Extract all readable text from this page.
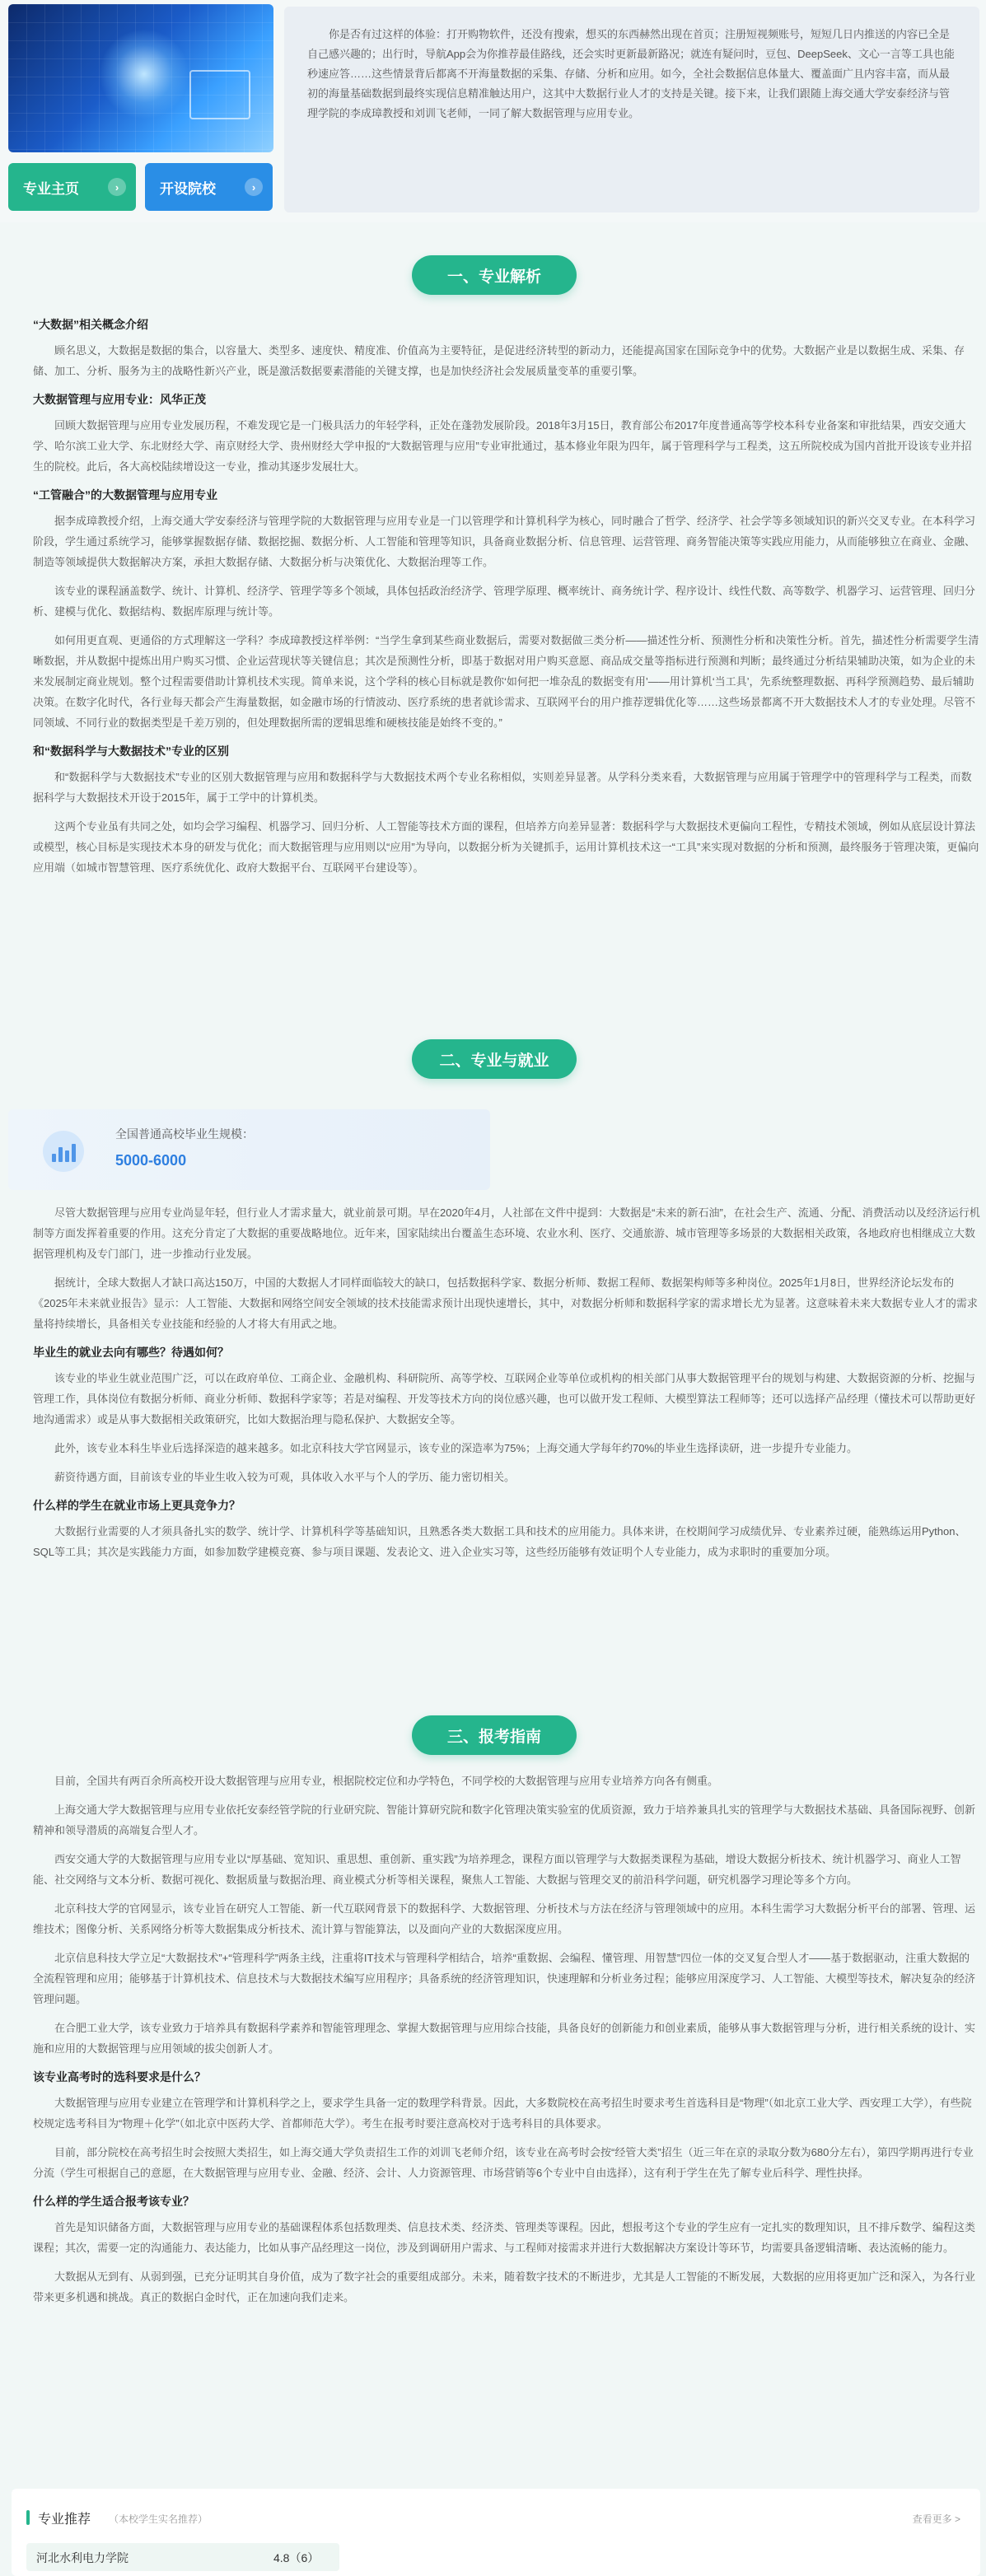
专业主页	›	开设院校	›
你是否有过这样的体验：打开购物软件，还没有搜索，想买的东西赫然出现在首页；注册短视频账号，短短几日内推送的内容已全是自己感兴趣的；出行时，导航App会为你推荐最佳路线，还会实时更新最新路况；就连有疑问时，豆包、DeepSeek、文心一言等工具也能秒速应答……这些情景背后都离不开海量数据的采集、存储、分析和应用。如今，全社会数据信息体量大、覆盖面广且内容丰富，而从最初的海量基础数据到最终实现信息精准触达用户，这其中大数据行业人才的支持是关键。接下来，让我们跟随上海交通大学安泰经济与管理学院的李成璋教授和刘训飞老师，一同了解大数据管理与应用专业。
一、专业解析
“大数据”相关概念介绍

顾名思义，大数据是数据的集合，以容量大、类型多、速度快、精度准、价值高为主要特征，是促进经济转型的新动力，还能提高国家在国际竞争中的优势。大数据产业是以数据生成、采集、存储、加工、分析、服务为主的战略性新兴产业，既是激活数据要素潜能的关键支撑，也是加快经济社会发展质量变革的重要引擎。

大数据管理与应用专业：风华正茂

回顾大数据管理与应用专业发展历程，不难发现它是一门极具活力的年轻学科，正处在蓬勃发展阶段。2018年3月15日，教育部公布2017年度普通高等学校本科专业备案和审批结果，西安交通大学、哈尔滨工业大学、东北财经大学、南京财经大学、贵州财经大学申报的“大数据管理与应用”专业审批通过，基本修业年限为四年，属于管理科学与工程类，这五所院校成为国内首批开设该专业并招生的院校。此后，各大高校陆续增设这一专业，推动其逐步发展壮大。

“工管融合”的大数据管理与应用专业

据李成璋教授介绍，上海交通大学安泰经济与管理学院的大数据管理与应用专业是一门以管理学和计算机科学为核心，同时融合了哲学、经济学、社会学等多领域知识的新兴交叉专业。在本科学习阶段，学生通过系统学习，能够掌握数据存储、数据挖掘、数据分析、人工智能和管理等知识，具备商业数据分析、信息管理、运营管理、商务智能决策等实践应用能力，从而能够独立在商业、金融、制造等领域提供大数据解决方案，承担大数据存储、大数据分析与决策优化、大数据治理等工作。

该专业的课程涵盖数学、统计、计算机、经济学、管理学等多个领域，具体包括政治经济学、管理学原理、概率统计、商务统计学、程序设计、线性代数、高等数学、机器学习、运营管理、回归分析、建模与优化、数据结构、数据库原理与统计等。

如何用更直观、更通俗的方式理解这一学科？李成璋教授这样举例：“当学生拿到某些商业数据后，需要对数据做三类分析——描述性分析、预测性分析和决策性分析。首先，描述性分析需要学生清晰数据，并从数据中提炼出用户购买习惯、企业运营现状等关键信息；其次是预测性分析，即基于数据对用户购买意愿、商品成交量等指标进行预测和判断；最终通过分析结果辅助决策，如为企业的未来发展制定商业规划。整个过程需要借助计算机技术实现。简单来说，这个学科的核心目标就是教你‘如何把一堆杂乱的数据变有用’——用计算机‘当工具’，先系统整理数据、再科学预测趋势、最后辅助决策。在数字化时代，各行业每天都会产生海量数据，如金融市场的行情波动、医疗系统的患者就诊需求、互联网平台的用户推荐逻辑优化等……这些场景都离不开大数据技术人才的专业处理。尽管不同领域、不同行业的数据类型是千差万别的，但处理数据所需的逻辑思维和硬核技能是始终不变的。”

和“数据科学与大数据技术”专业的区别

和“数据科学与大数据技术”专业的区别大数据管理与应用和数据科学与大数据技术两个专业名称相似，实则差异显著。从学科分类来看，大数据管理与应用属于管理学中的管理科学与工程类，而数据科学与大数据技术开设于2015年，属于工学中的计算机类。

这两个专业虽有共同之处，如均会学习编程、机器学习、回归分析、人工智能等技术方面的课程，但培养方向差异显著：数据科学与大数据技术更偏向工程性，专精技术领域，例如从底层设计算法或模型，核心目标是实现技术本身的研发与优化；而大数据管理与应用则以“应用”为导向，以数据分析为关键抓手，运用计算机技术这一“工具”来实现对数据的分析和预测，最终服务于管理决策，更偏向应用端（如城市智慧管理、医疗系统优化、政府大数据平台、互联网平台建设等）。

二、专业与就业
全国普通高校毕业生规模：
5000-6000

尽管大数据管理与应用专业尚显年轻，但行业人才需求量大，就业前景可期。早在2020年4月，人社部在文件中提到：大数据是“未来的新石油”，在社会生产、流通、分配、消费活动以及经济运行机制等方面发挥着重要的作用。这充分肯定了大数据的重要战略地位。近年来，国家陆续出台覆盖生态环境、农业水利、医疗、交通旅游、城市管理等多场景的大数据相关政策，各地政府也相继成立大数据管理机构及专门部门，进一步推动行业发展。

据统计，全球大数据人才缺口高达150万，中国的大数据人才同样面临较大的缺口，包括数据科学家、数据分析师、数据工程师、数据架构师等多种岗位。2025年1月8日，世界经济论坛发布的《2025年未来就业报告》显示：人工智能、大数据和网络空间安全领域的技术技能需求预计出现快速增长，其中，对数据分析师和数据科学家的需求增长尤为显著。这意味着未来大数据专业人才的需求量将持续增长，具备相关专业技能和经验的人才将大有用武之地。

毕业生的就业去向有哪些？待遇如何？

该专业的毕业生就业范围广泛，可以在政府单位、工商企业、金融机构、科研院所、高等学校、互联网企业等单位或机构的相关部门从事大数据管理平台的规划与构建、大数据资源的分析、挖掘与管理工作，具体岗位有数据分析师、商业分析师、数据科学家等；若是对编程、开发等技术方向的岗位感兴趣，也可以做开发工程师、大模型算法工程师等；还可以选择产品经理（懂技术可以帮助更好地沟通需求）或是从事大数据相关政策研究，比如大数据治理与隐私保护、大数据安全等。

此外，该专业本科生毕业后选择深造的越来越多。如北京科技大学官网显示，该专业的深造率为75%；上海交通大学每年约70%的毕业生选择读研，进一步提升专业能力。

薪资待遇方面，目前该专业的毕业生收入较为可观，具体收入水平与个人的学历、能力密切相关。

什么样的学生在就业市场上更具竞争力？

大数据行业需要的人才须具备扎实的数学、统计学、计算机科学等基础知识，且熟悉各类大数据工具和技术的应用能力。具体来讲，在校期间学习成绩优异、专业素养过硬，能熟练运用Python、SQL等工具；其次是实践能力方面，如参加数学建模竞赛、参与项目课题、发表论文、进入企业实习等，这些经历能够有效证明个人专业能力，成为求职时的重要加分项。

三、报考指南

目前，全国共有两百余所高校开设大数据管理与应用专业，根据院校定位和办学特色，不同学校的大数据管理与应用专业培养方向各有侧重。

上海交通大学大数据管理与应用专业依托安泰经管学院的行业研究院、智能计算研究院和数字化管理决策实验室的优质资源，致力于培养兼具扎实的管理学与大数据技术基础、具备国际视野、创新精神和领导潜质的高端复合型人才。

西安交通大学的大数据管理与应用专业以“厚基础、宽知识、重思想、重创新、重实践”为培养理念，课程方面以管理学与大数据类课程为基础，增设大数据分析技术、统计机器学习、商业人工智能、社交网络与文本分析、数据可视化、数据质量与数据治理、商业模式分析等相关课程，聚焦人工智能、大数据与管理交叉的前沿科学问题，研究机器学习理论等多个方向。

北京科技大学的官网显示，该专业旨在研究人工智能、新一代互联网背景下的数据科学、大数据管理、分析技术与方法在经济与管理领域中的应用。本科生需学习大数据分析平台的部署、管理、运维技术；图像分析、关系网络分析等大数据集成分析技术、流计算与智能算法，以及面向产业的大数据深度应用。

北京信息科技大学立足“大数据技术”+“管理科学”两条主线，注重将IT技术与管理科学相结合，培养“重数据、会编程、懂管理、用智慧”四位一体的交叉复合型人才——基于数据驱动，注重大数据的全流程管理和应用；能够基于计算机技术、信息技术与大数据技术编写应用程序；具备系统的经济管理知识，快速理解和分析业务过程；能够应用深度学习、人工智能、大模型等技术，解决复杂的经济管理问题。

在合肥工业大学，该专业致力于培养具有数据科学素养和智能管理理念、掌握大数据管理与应用综合技能，具备良好的创新能力和创业素质，能够从事大数据管理与分析，进行相关系统的设计、实施和应用的大数据管理与应用领域的拔尖创新人才。

该专业高考时的选科要求是什么？

大数据管理与应用专业建立在管理学和计算机科学之上，要求学生具备一定的数理学科背景。因此，大多数院校在高考招生时要求考生首选科目是“物理”（如北京工业大学、西安理工大学），有些院校规定选考科目为“物理＋化学”（如北京中医药大学、首都师范大学）。考生在报考时要注意高校对于选考科目的具体要求。

目前，部分院校在高考招生时会按照大类招生，如上海交通大学负责招生工作的刘训飞老师介绍，该专业在高考时会按“经管大类”招生（近三年在京的录取分数为680分左右），第四学期再进行专业分流（学生可根据自己的意愿，在大数据管理与应用专业、金融、经济、会计、人力资源管理、市场营销等6个专业中自由选择），这有利于学生在先了解专业后科学、理性抉择。

什么样的学生适合报考该专业？

首先是知识储备方面，大数据管理与应用专业的基础课程体系包括数理类、信息技术类、经济类、管理类等课程。因此，想报考这个专业的学生应有一定扎实的数理知识，且不排斥数学、编程这类课程；其次，需要一定的沟通能力、表达能力，比如从事产品经理这一岗位，涉及到调研用户需求、与工程师对接需求并进行大数据解决方案设计等环节，均需要具备逻辑清晰、表达流畅的能力。

大数据从无到有、从弱到强，已充分证明其自身价值，成为了数字社会的重要组成部分。未来，随着数字技术的不断进步，尤其是人工智能的不断发展，大数据的应用将更加广泛和深入，为各行业带来更多机遇和挑战。真正的数据白金时代，正在加速向我们走来。

专业推荐 （本校学生实名推荐）	查看更多 >
河北水利电力学院	4.8（6）
